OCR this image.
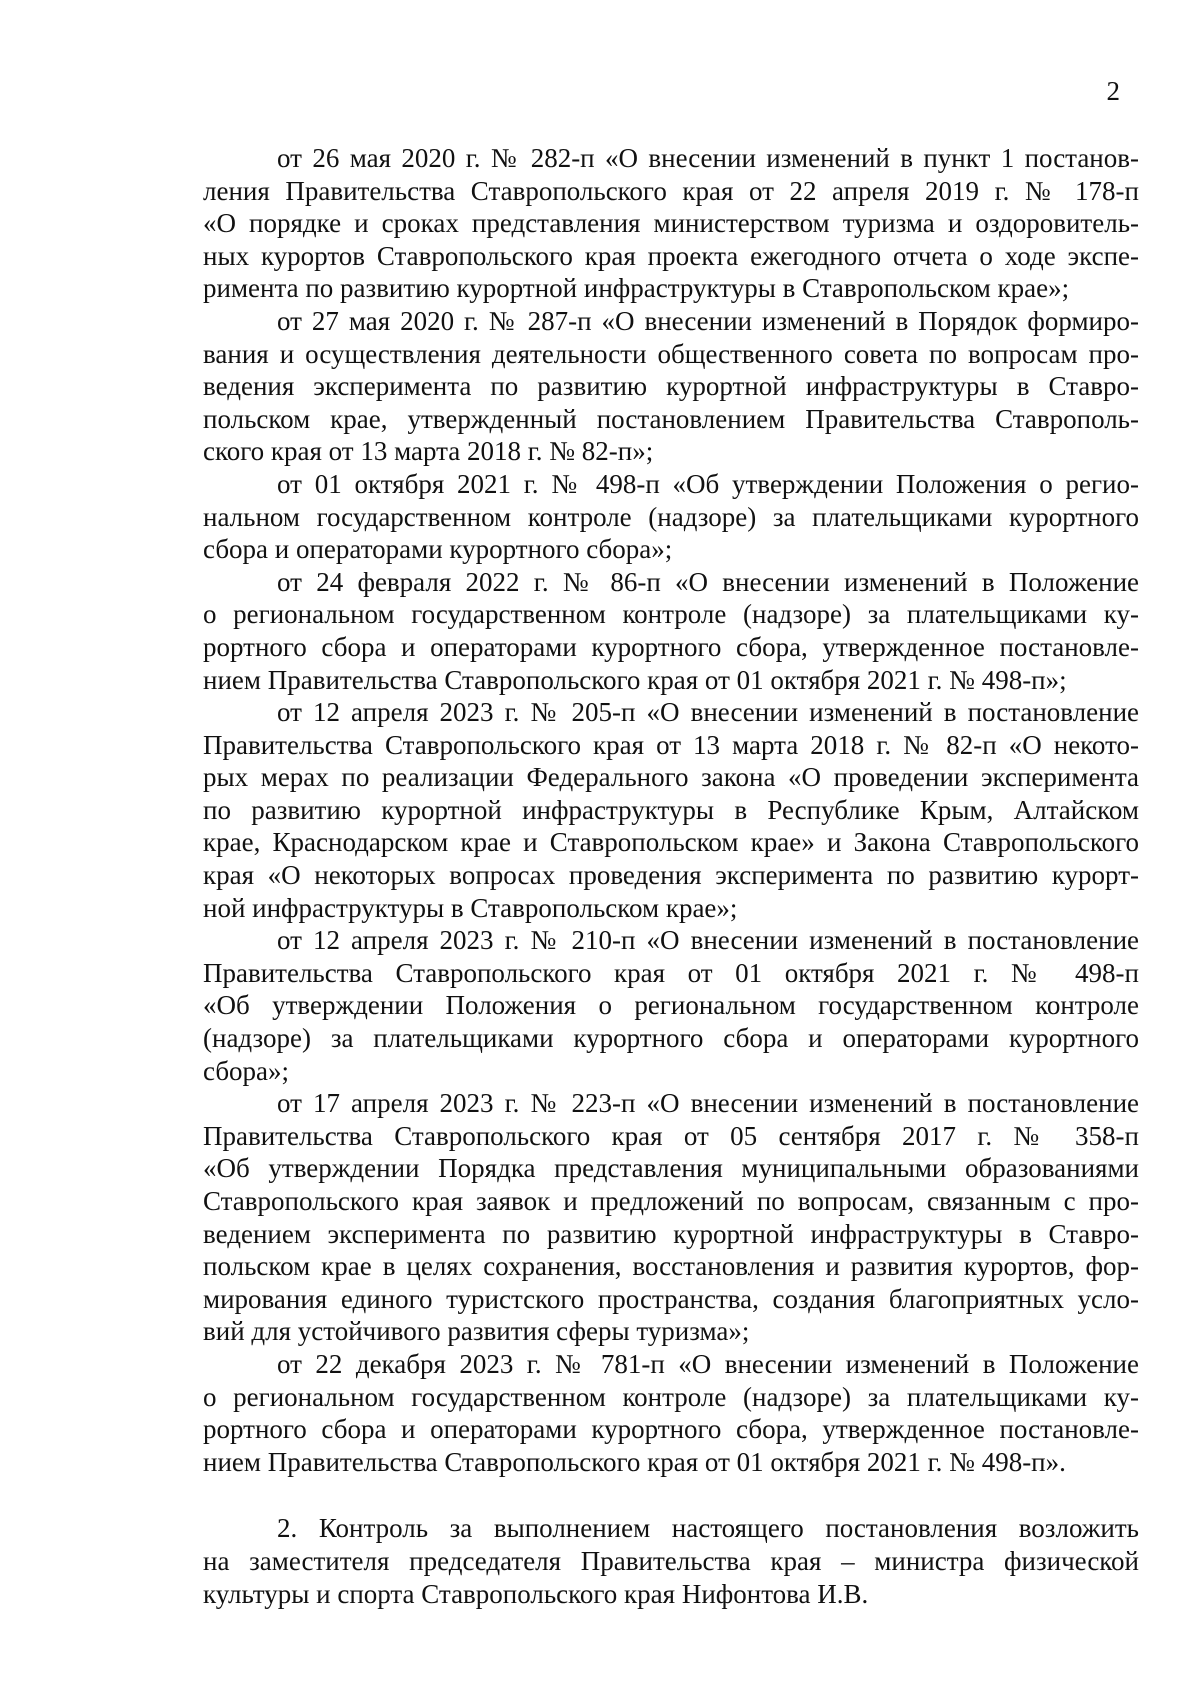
2
от 26 мая 2020 г. № 282-п «О внесении изменений в пункт 1 постанов-
ления Правительства Ставропольского края от 22 апреля 2019 г. № 178-п
«О порядке и сроках представления министерством туризма и оздоровитель-
ных курортов Ставропольского края проекта ежегодного отчета о ходе экспе-
римента по развитию курортной инфраструктуры в Ставропольском крае»;
от 27 мая 2020 г. № 287-п «О внесении изменений в Порядок формиро-
вания и осуществления деятельности общественного совета по вопросам про-
ведения эксперимента по развитию курортной инфраструктуры в Ставро-
польском крае, утвержденный постановлением Правительства Ставрополь-
ского края от 13 марта 2018 г. № 82-п»;
от 01 октября 2021 г. № 498-п «Об утверждении Положения о регио-
нальном государственном контроле (надзоре) за плательщиками курортного
сбора и операторами курортного сбора»;
от 24 февраля 2022 г. № 86-п «О внесении изменений в Положение
о региональном государственном контроле (надзоре) за плательщиками ку-
рортного сбора и операторами курортного сбора, утвержденное постановле-
нием Правительства Ставропольского края от 01 октября 2021 г. № 498-п»;
от 12 апреля 2023 г. № 205-п «О внесении изменений в постановление
Правительства Ставропольского края от 13 марта 2018 г. № 82-п «О некото-
рых мерах по реализации Федерального закона «О проведении эксперимента
по развитию курортной инфраструктуры в Республике Крым, Алтайском
крае, Краснодарском крае и Ставропольском крае» и Закона Ставропольского
края «О некоторых вопросах проведения эксперимента по развитию курорт-
ной инфраструктуры в Ставропольском крае»;
от 12 апреля 2023 г. № 210-п «О внесении изменений в постановление
Правительства Ставропольского края от 01 октября 2021 г. № 498-п
«Об утверждении Положения о региональном государственном контроле
(надзоре) за плательщиками курортного сбора и операторами курортного
сбора»;
от 17 апреля 2023 г. № 223-п «О внесении изменений в постановление
Правительства Ставропольского края от 05 сентября 2017 г. № 358-п
«Об утверждении Порядка представления муниципальными образованиями
Ставропольского края заявок и предложений по вопросам, связанным с про-
ведением эксперимента по развитию курортной инфраструктуры в Ставро-
польском крае в целях сохранения, восстановления и развития курортов, фор-
мирования единого туристского пространства, создания благоприятных усло-
вий для устойчивого развития сферы туризма»;
от 22 декабря 2023 г. № 781-п «О внесении изменений в Положение
о региональном государственном контроле (надзоре) за плательщиками ку-
рортного сбора и операторами курортного сбора, утвержденное постановле-
нием Правительства Ставропольского края от 01 октября 2021 г. № 498-п».
2. Контроль за выполнением настоящего постановления возложить
на заместителя председателя Правительства края – министра физической
культуры и спорта Ставропольского края Нифонтова И.В.
